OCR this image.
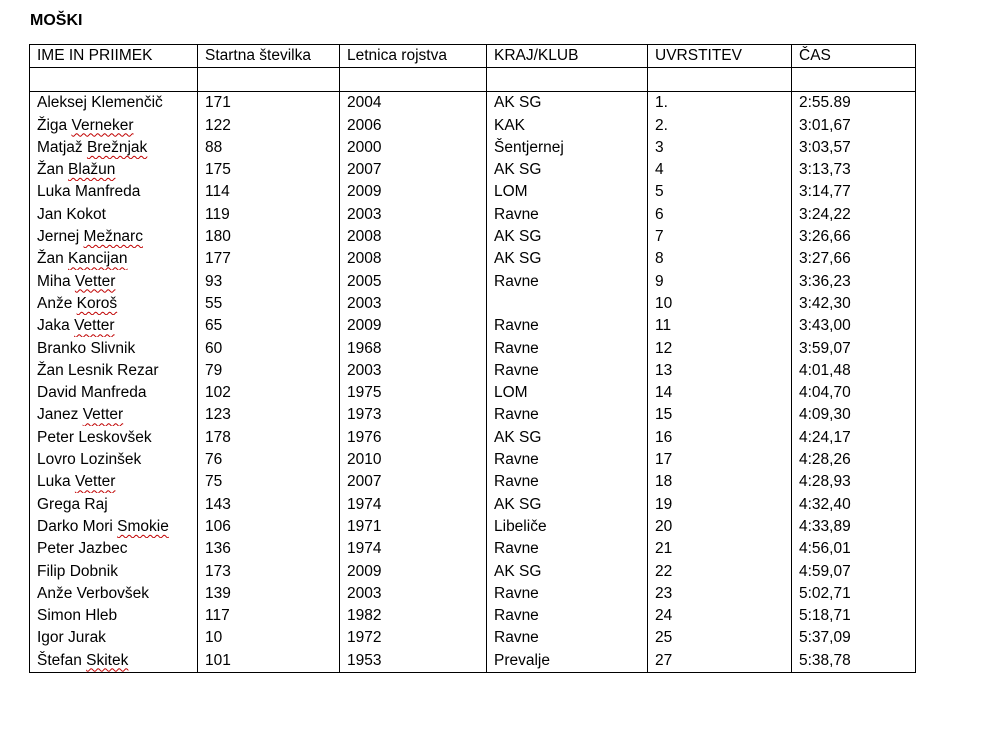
MOŠKI
IME IN PRIIMEK	Startna številka	Letnica rojstva	KRAJ/KLUB	UVRSTITEV	ČAS

Aleksej Klemenčič	171	2004	AK SG	1.	2:55.89
Žiga Verneker	122	2006	KAK	2.	3:01,67
Matjaž Brežnjak	88	2000	Šentjernej	3	3:03,57
Žan Blažun	175	2007	AK SG	4	3:13,73
Luka Manfreda	114	2009	LOM	5	3:14,77
Jan Kokot	119	2003	Ravne	6	3:24,22
Jernej Mežnarc	180	2008	AK SG	7	3:26,66
Žan Kancijan	177	2008	AK SG	8	3:27,66
Miha Vetter	93	2005	Ravne	9	3:36,23
Anže Koroš	55	2003		10	3:42,30
Jaka Vetter	65	2009	Ravne	11	3:43,00
Branko Slivnik	60	1968	Ravne	12	3:59,07
Žan Lesnik Rezar	79	2003	Ravne	13	4:01,48
David Manfreda	102	1975	LOM	14	4:04,70
Janez Vetter	123	1973	Ravne	15	4:09,30
Peter Leskovšek	178	1976	AK SG	16	4:24,17
Lovro Lozinšek	76	2010	Ravne	17	4:28,26
Luka Vetter	75	2007	Ravne	18	4:28,93
Grega Raj	143	1974	AK SG	19	4:32,40
Darko Mori Smokie	106	1971	Libeliče	20	4:33,89
Peter Jazbec	136	1974	Ravne	21	4:56,01
Filip Dobnik	173	2009	AK SG	22	4:59,07
Anže Verbovšek	139	2003	Ravne	23	5:02,71
Simon Hleb	117	1982	Ravne	24	5:18,71
Igor Jurak	10	1972	Ravne	25	5:37,09
Štefan Skitek	101	1953	Prevalje	27	5:38,78
